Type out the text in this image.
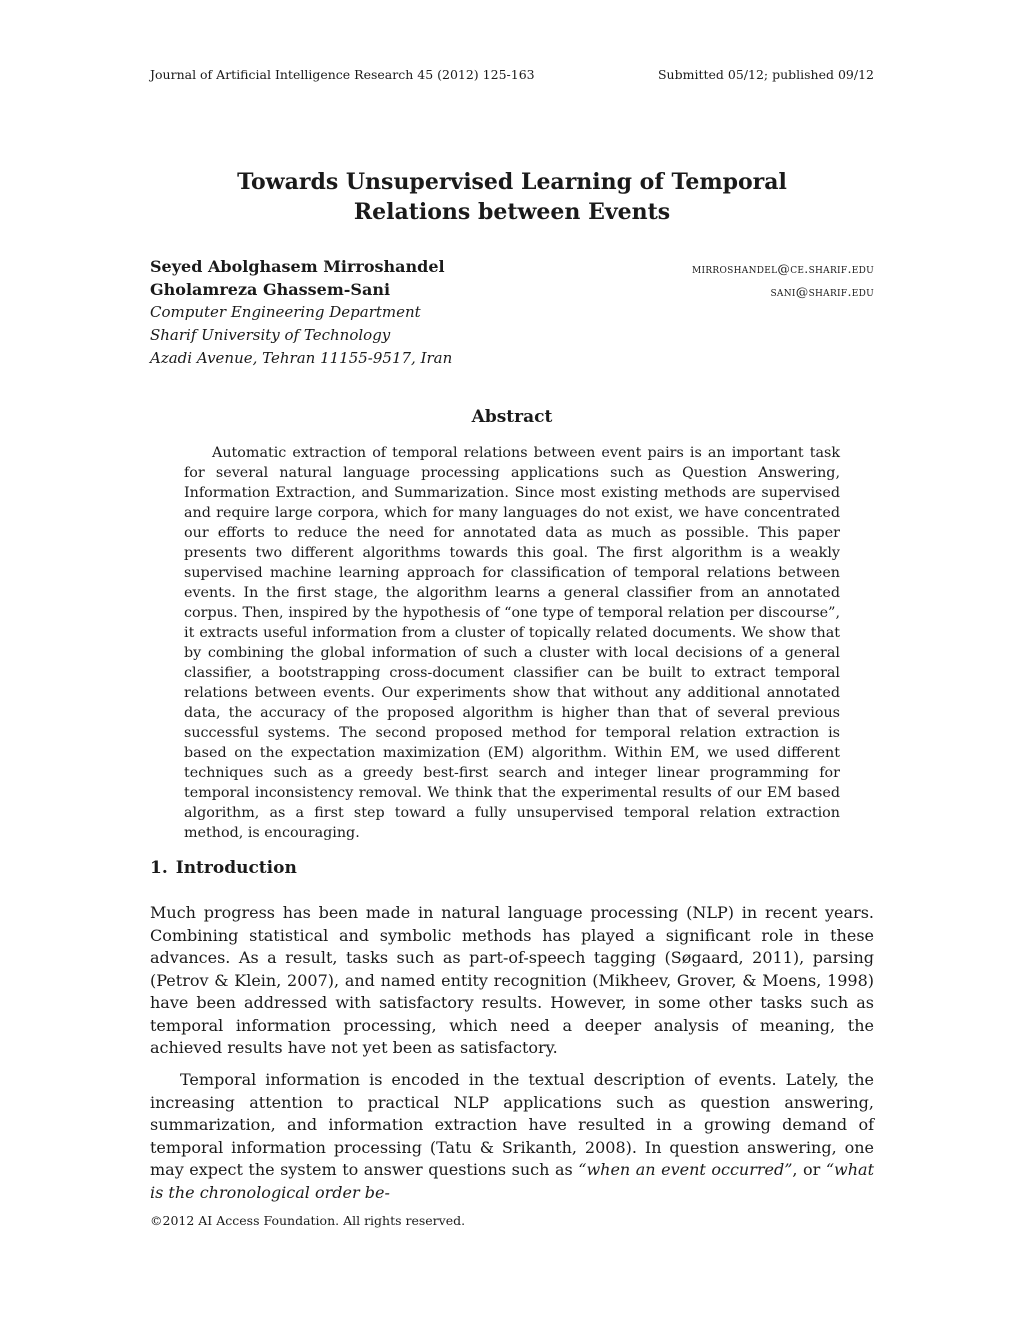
Journal of Artificial Intelligence Research 45 (2012) 125-163	Submitted 05/12; published 09/12
Towards Unsupervised Learning of Temporal
Relations between Events
Seyed Abolghasem Mirroshandel	mirroshandel@ce.sharif.edu
Gholamreza Ghassem-Sani	sani@sharif.edu
Computer Engineering Department
Sharif University of Technology
Azadi Avenue, Tehran 11155-9517, Iran
Abstract

Automatic extraction of temporal relations between event pairs is an important task for several natural language processing applications such as Question Answering, Information Extraction, and Summarization. Since most existing methods are supervised and require large corpora, which for many languages do not exist, we have concentrated our efforts to reduce the need for annotated data as much as possible. This paper presents two different algorithms towards this goal. The first algorithm is a weakly supervised machine learning approach for classification of temporal relations between events. In the first stage, the algorithm learns a general classifier from an annotated corpus. Then, inspired by the hypothesis of “one type of temporal relation per discourse”, it extracts useful information from a cluster of topically related documents. We show that by combining the global information of such a cluster with local decisions of a general classifier, a bootstrapping cross-document classifier can be built to extract temporal relations between events. Our experiments show that without any additional annotated data, the accuracy of the proposed algorithm is higher than that of several previous successful systems. The second proposed method for temporal relation extraction is based on the expectation maximization (EM) algorithm. Within EM, we used different techniques such as a greedy best-first search and integer linear programming for temporal inconsistency removal. We think that the experimental results of our EM based algorithm, as a first step toward a fully unsupervised temporal relation extraction method, is encouraging.

1. Introduction

Much progress has been made in natural language processing (NLP) in recent years. Combining statistical and symbolic methods has played a significant role in these advances. As a result, tasks such as part-of-speech tagging (Søgaard, 2011), parsing (Petrov & Klein, 2007), and named entity recognition (Mikheev, Grover, & Moens, 1998) have been addressed with satisfactory results. However, in some other tasks such as temporal information processing, which need a deeper analysis of meaning, the achieved results have not yet been as satisfactory.

Temporal information is encoded in the textual description of events. Lately, the increasing attention to practical NLP applications such as question answering, summarization, and information extraction have resulted in a growing demand of temporal information processing (Tatu & Srikanth, 2008). In question answering, one may expect the system to answer questions such as “when an event occurred”, or “what is the chronological order be-

©2012 AI Access Foundation. All rights reserved.
